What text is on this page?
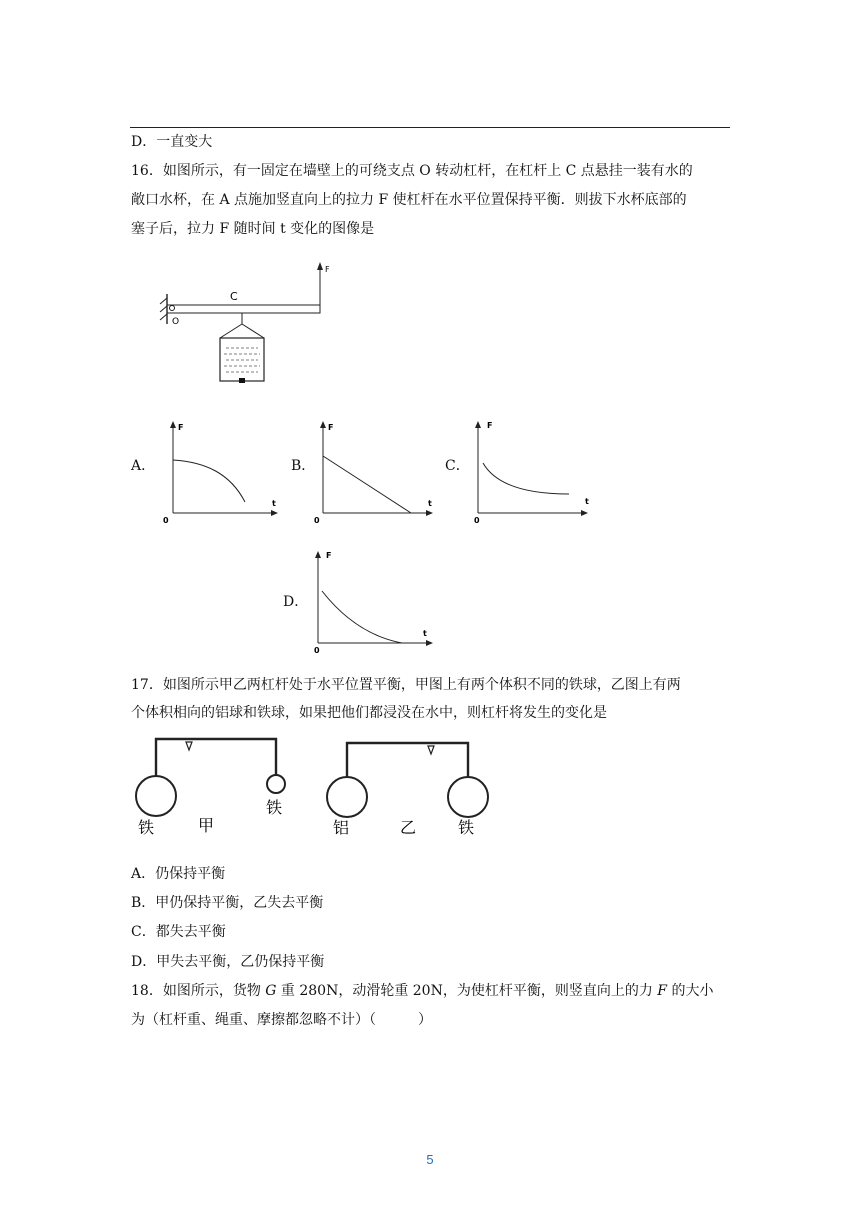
D．一直变大
16．如图所示，有一固定在墙壁上的可绕支点 O 转动杠杆，在杠杆上 C 点悬挂一装有水的
敞口水杯，在 A 点施加竖直向上的拉力 F 使杠杆在水平位置保持平衡．则拔下水杯底部的
塞子后，拉力 F 随时间 t 变化的图像是
F
C
O
A．
F
t
0
B．
F
t
0
C．
F
t
0
D．
F
t
0
17．如图所示甲乙两杠杆处于水平位置平衡，甲图上有两个体积不同的铁球，乙图上有两
个体积相向的铝球和铁球，如果把他们都浸没在水中，则杠杆将发生的变化是
铁
铁
甲	铝	铁
乙
A．仍保持平衡
B．甲仍保持平衡，乙失去平衡
C．都失去平衡
D．甲失去平衡，乙仍保持平衡
18．如图所示，货物 G 重 280N，动滑轮重 20N，为使杠杆平衡，则竖直向上的力 F 的大小
为（杠杆重、绳重、摩擦都忽略不计）（　　　）
5
